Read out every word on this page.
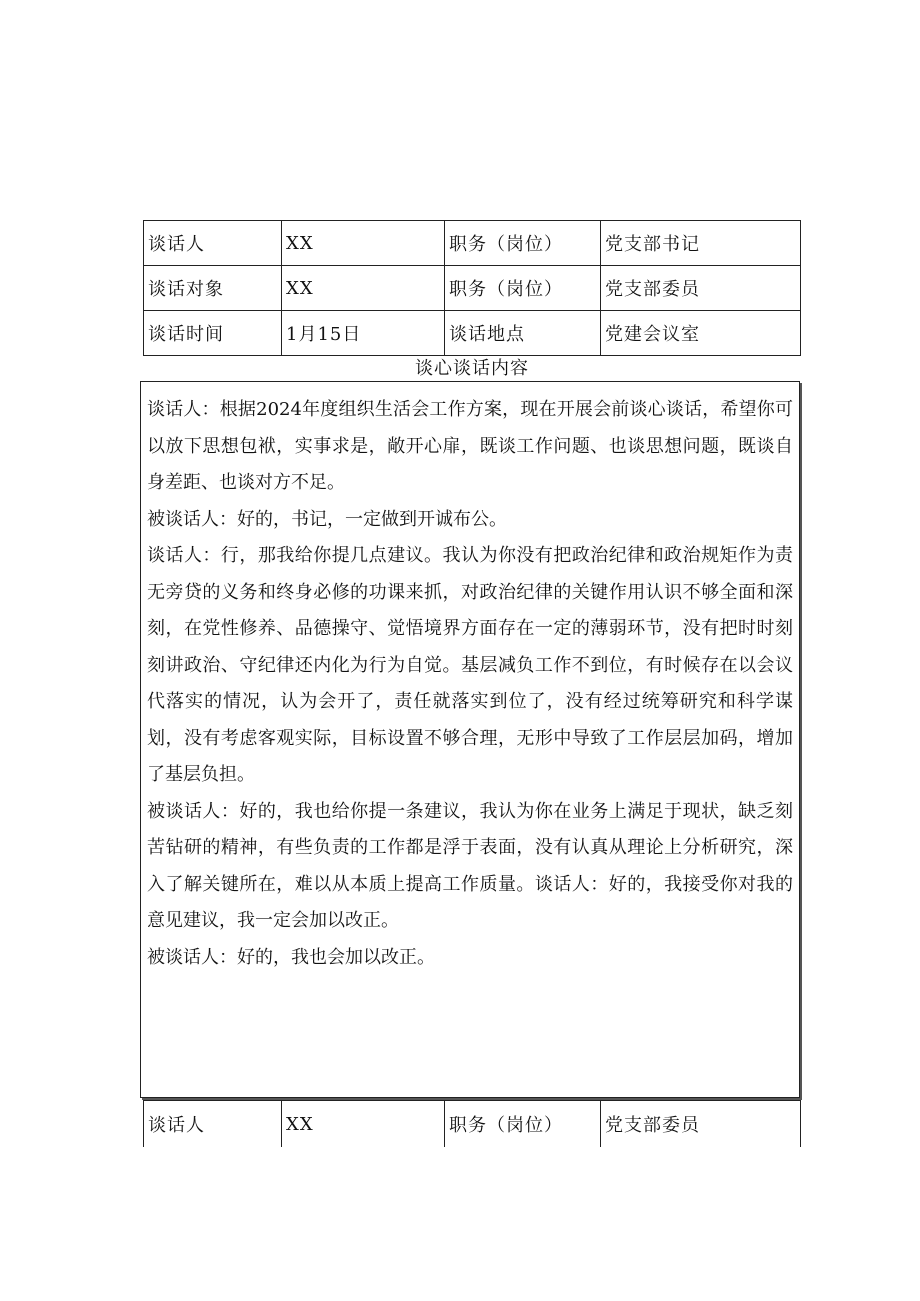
谈话人	XX	职务（岗位）	党支部书记
谈话对象	XX	职务（岗位）	党支部委员
谈话时间	1月15日	谈话地点	党建会议室
谈心谈话内容

谈话人：根据2024年度组织生活会工作方案，现在开展会前谈心谈话，希望你可以放下思想包袱，实事求是，敞开心扉，既谈工作问题、也谈思想问题，既谈自身差距、也谈对方不足。

被谈话人：好的，书记，一定做到开诚布公。

谈话人：行，那我给你提几点建议。我认为你没有把政治纪律和政治规矩作为责无旁贷的义务和终身必修的功课来抓，对政治纪律的关键作用认识不够全面和深刻，在党性修养、品德操守、觉悟境界方面存在一定的薄弱环节，没有把时时刻刻讲政治、守纪律还内化为行为自觉。基层减负工作不到位，有时候存在以会议代落实的情况，认为会开了，责任就落实到位了，没有经过统筹研究和科学谋划，没有考虑客观实际，目标设置不够合理，无形中导致了工作层层加码，增加了基层负担。

被谈话人：好的，我也给你提一条建议，我认为你在业务上满足于现状，缺乏刻苦钻研的精神，有些负责的工作都是浮于表面，没有认真从理论上分析研究，深入了解关键所在，难以从本质上提高工作质量。谈话人：好的，我接受你对我的意见建议，我一定会加以改正。

被谈话人：好的，我也会加以改正。

谈话人	XX	职务（岗位）	党支部委员
